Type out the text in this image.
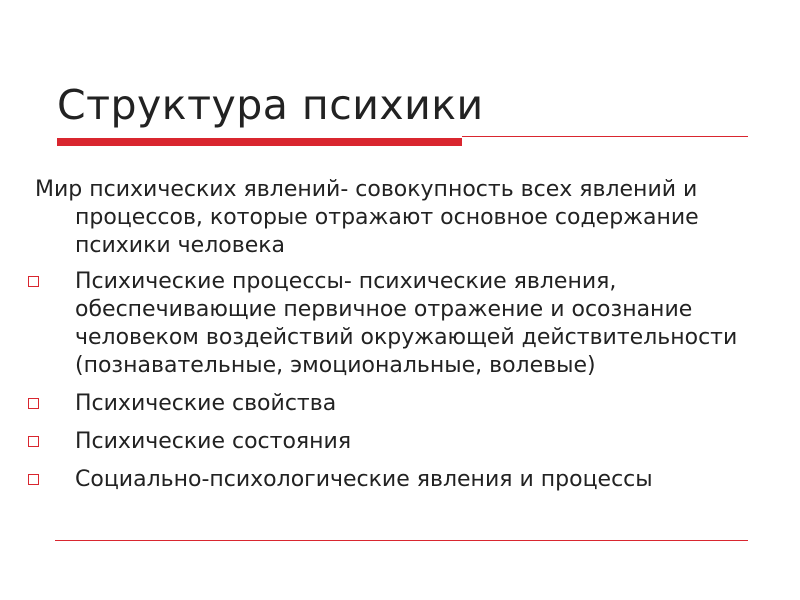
Структура психики
Мир психических явлений- совокупность всех явлений и процессов, которые отражают основное содержание психики человека
Психические процессы- психические явления, обеспечивающие первичное отражение и осознание человеком воздействий окружающей действительности (познавательные, эмоциональные, волевые)
Психические свойства
Психические состояния
Социально-психологические явления и процессы
